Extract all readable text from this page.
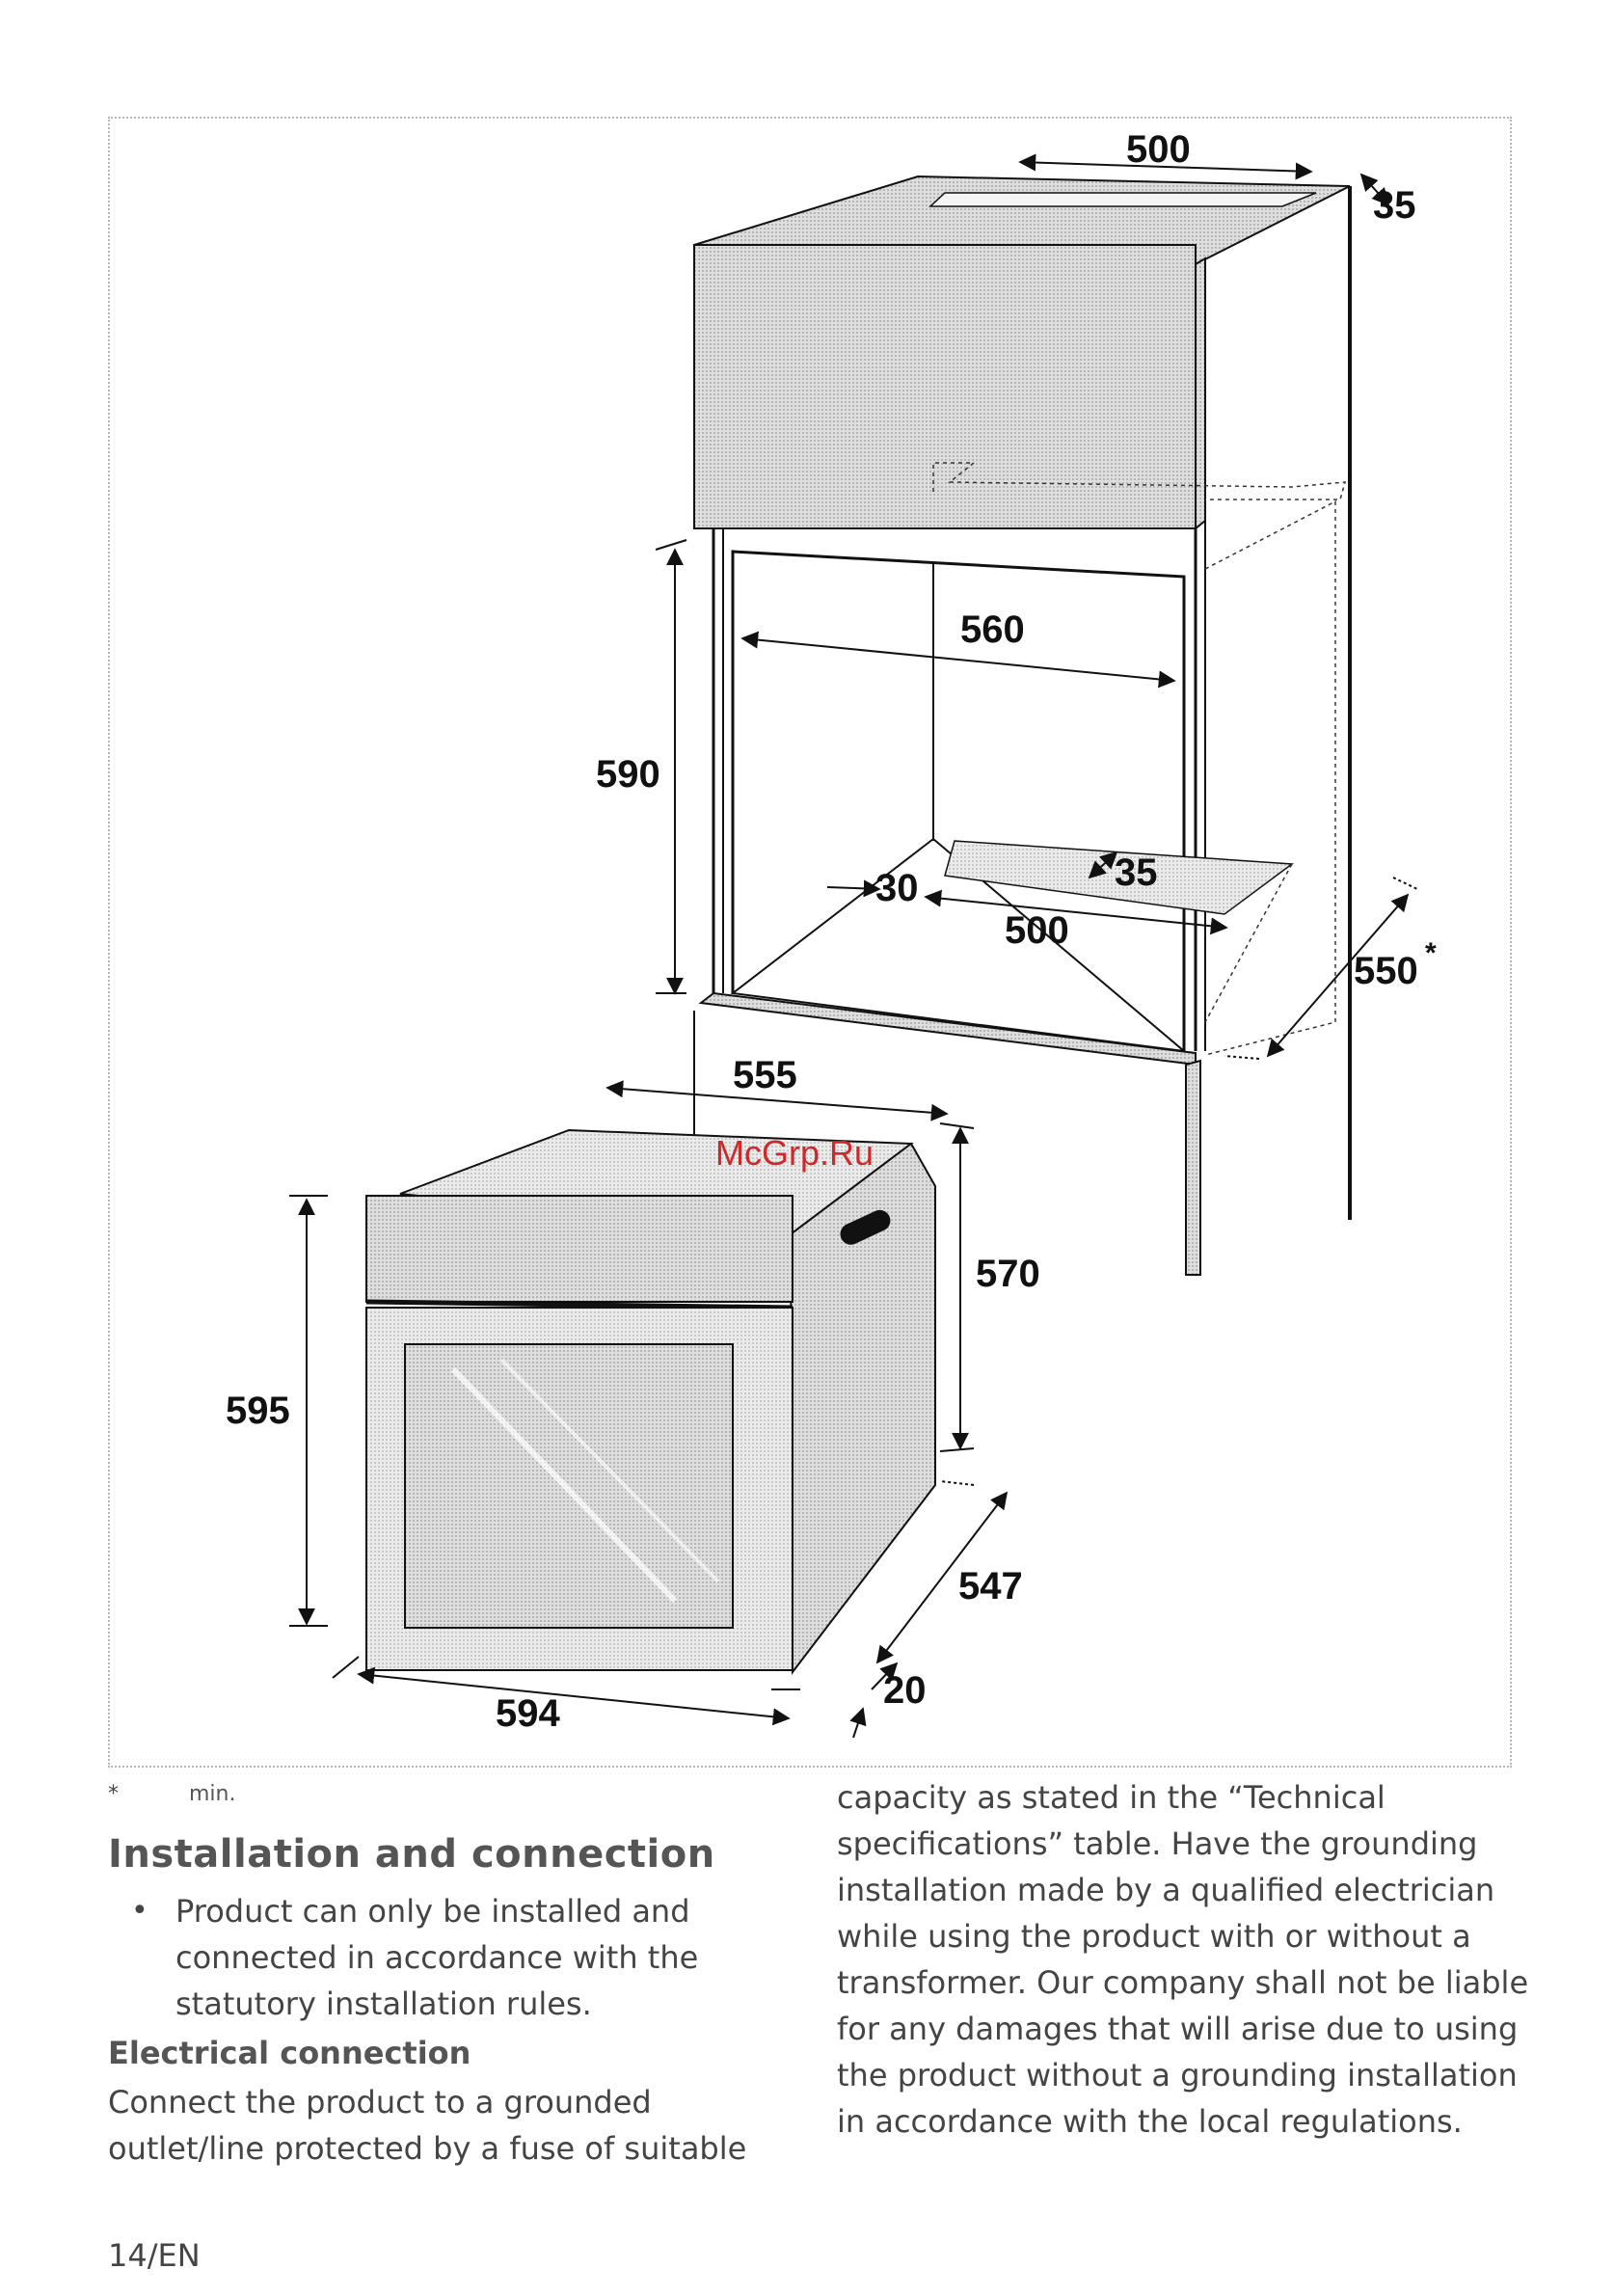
500
35
560
590
30	35
500
550 *
555
570
595
547
20
594
McGrp.Ru
*	min.
Installation and connection
• Product can only be installed and connected in accordance with the statutory installation rules.
Electrical connection
Connect the product to a grounded outlet/line protected by a fuse of suitable
capacity as stated in the “Technical specifications” table. Have the grounding installation made by a qualified electrician while using the product with or without a transformer. Our company shall not be liable for any damages that will arise due to using the product without a grounding installation in accordance with the local regulations.
14/EN
